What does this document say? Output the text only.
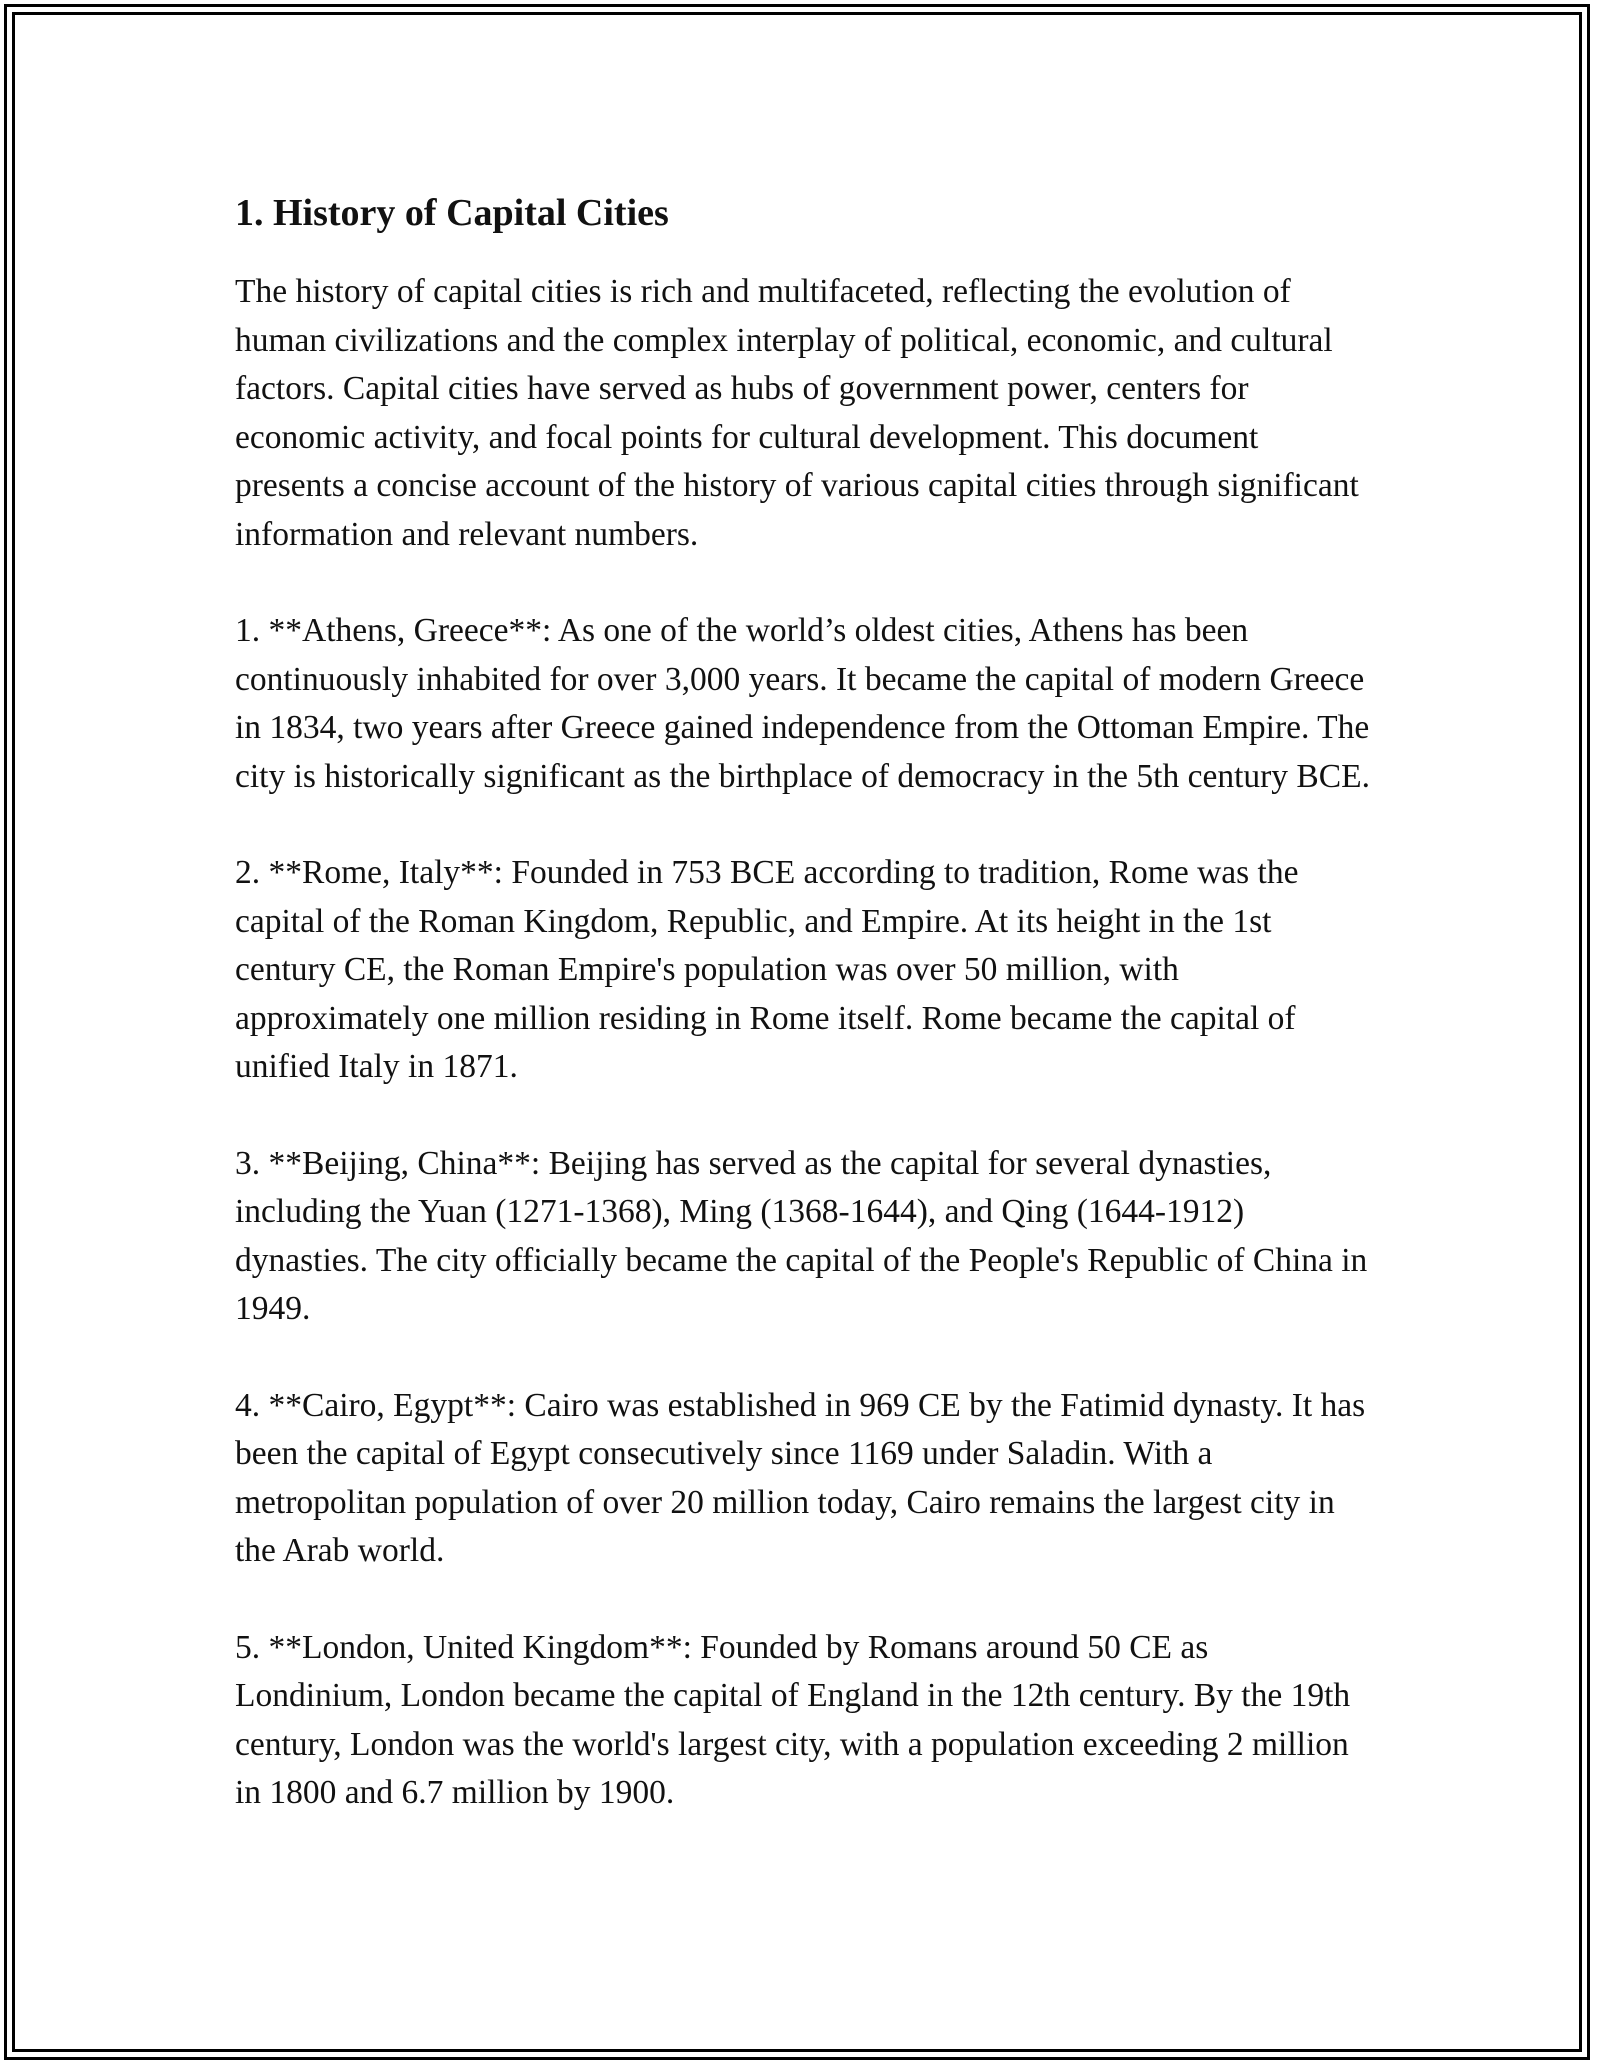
1. History of Capital Cities

The history of capital cities is rich and multifaceted, reflecting the evolution of human civilizations and the complex interplay of political, economic, and cultural factors. Capital cities have served as hubs of government power, centers for economic activity, and focal points for cultural development. This document presents a concise account of the history of various capital cities through significant information and relevant numbers.

1. **Athens, Greece**: As one of the world’s oldest cities, Athens has been continuously inhabited for over 3,000 years. It became the capital of modern Greece in 1834, two years after Greece gained independence from the Ottoman Empire. The city is historically significant as the birthplace of democracy in the 5th century BCE.

2. **Rome, Italy**: Founded in 753 BCE according to tradition, Rome was the capital of the Roman Kingdom, Republic, and Empire. At its height in the 1st century CE, the Roman Empire's population was over 50 million, with approximately one million residing in Rome itself. Rome became the capital of unified Italy in 1871.

3. **Beijing, China**: Beijing has served as the capital for several dynasties, including the Yuan (1271-1368), Ming (1368-1644), and Qing (1644-1912) dynasties. The city officially became the capital of the People's Republic of China in 1949.

4. **Cairo, Egypt**: Cairo was established in 969 CE by the Fatimid dynasty. It has been the capital of Egypt consecutively since 1169 under Saladin. With a metropolitan population of over 20 million today, Cairo remains the largest city in the Arab world.

5. **London, United Kingdom**: Founded by Romans around 50 CE as Londinium, London became the capital of England in the 12th century. By the 19th century, London was the world's largest city, with a population exceeding 2 million in 1800 and 6.7 million by 1900.
